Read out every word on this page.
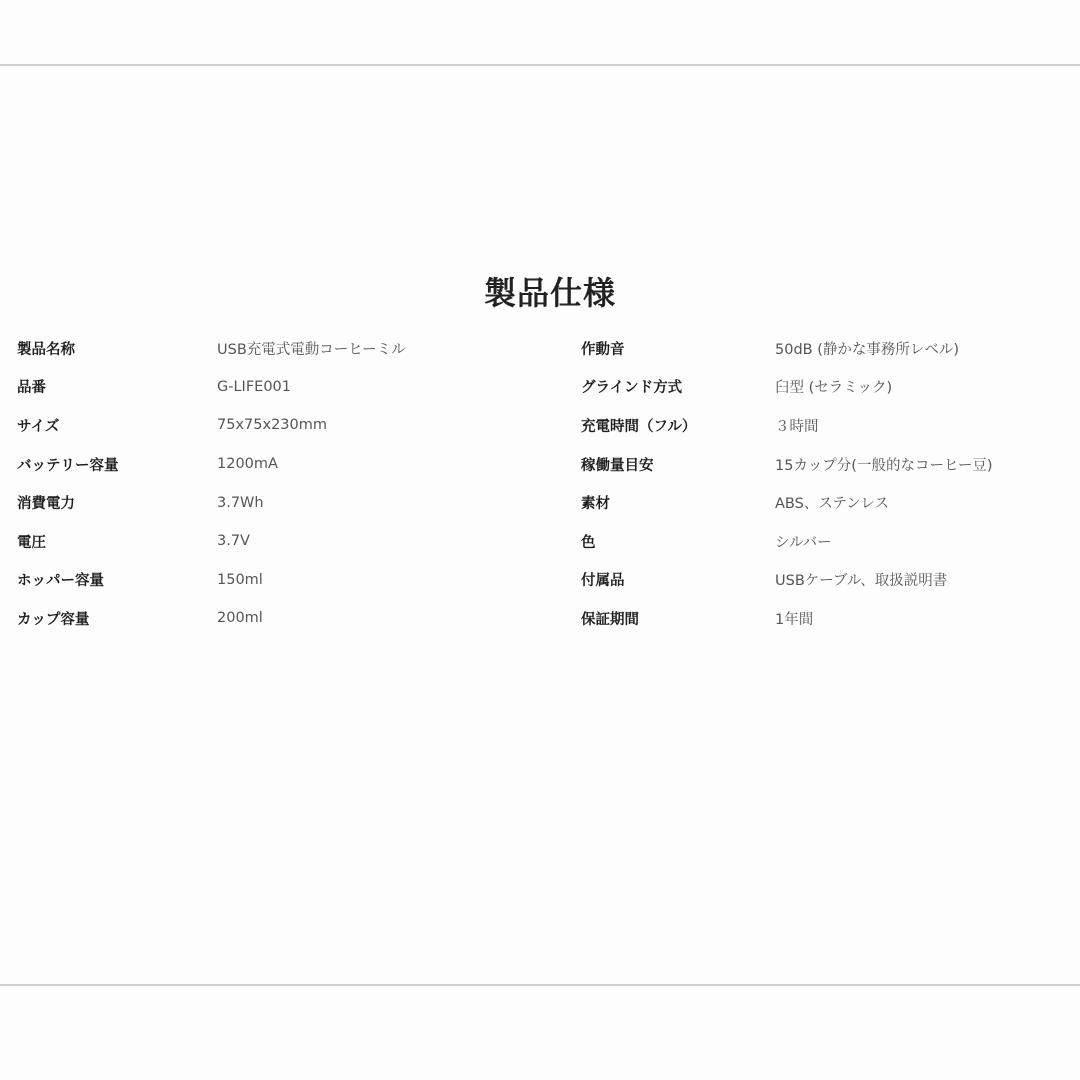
製品仕様
製品名称	USB充電式電動コーヒーミル
品番	G-LIFE001
サイズ	75x75x230mm
バッテリー容量	1200mA
消費電力	3.7Wh
電圧	3.7V
ホッパー容量	150ml
カップ容量	200ml
作動音	50dB (静かな事務所レベル)
グラインド方式	臼型 (セラミック)
充電時間（フル）	３時間
稼働量目安	15カップ分(一般的なコーヒー豆)
素材	ABS、ステンレス
色	シルバー
付属品	USBケーブル、取扱説明書
保証期間	1年間
